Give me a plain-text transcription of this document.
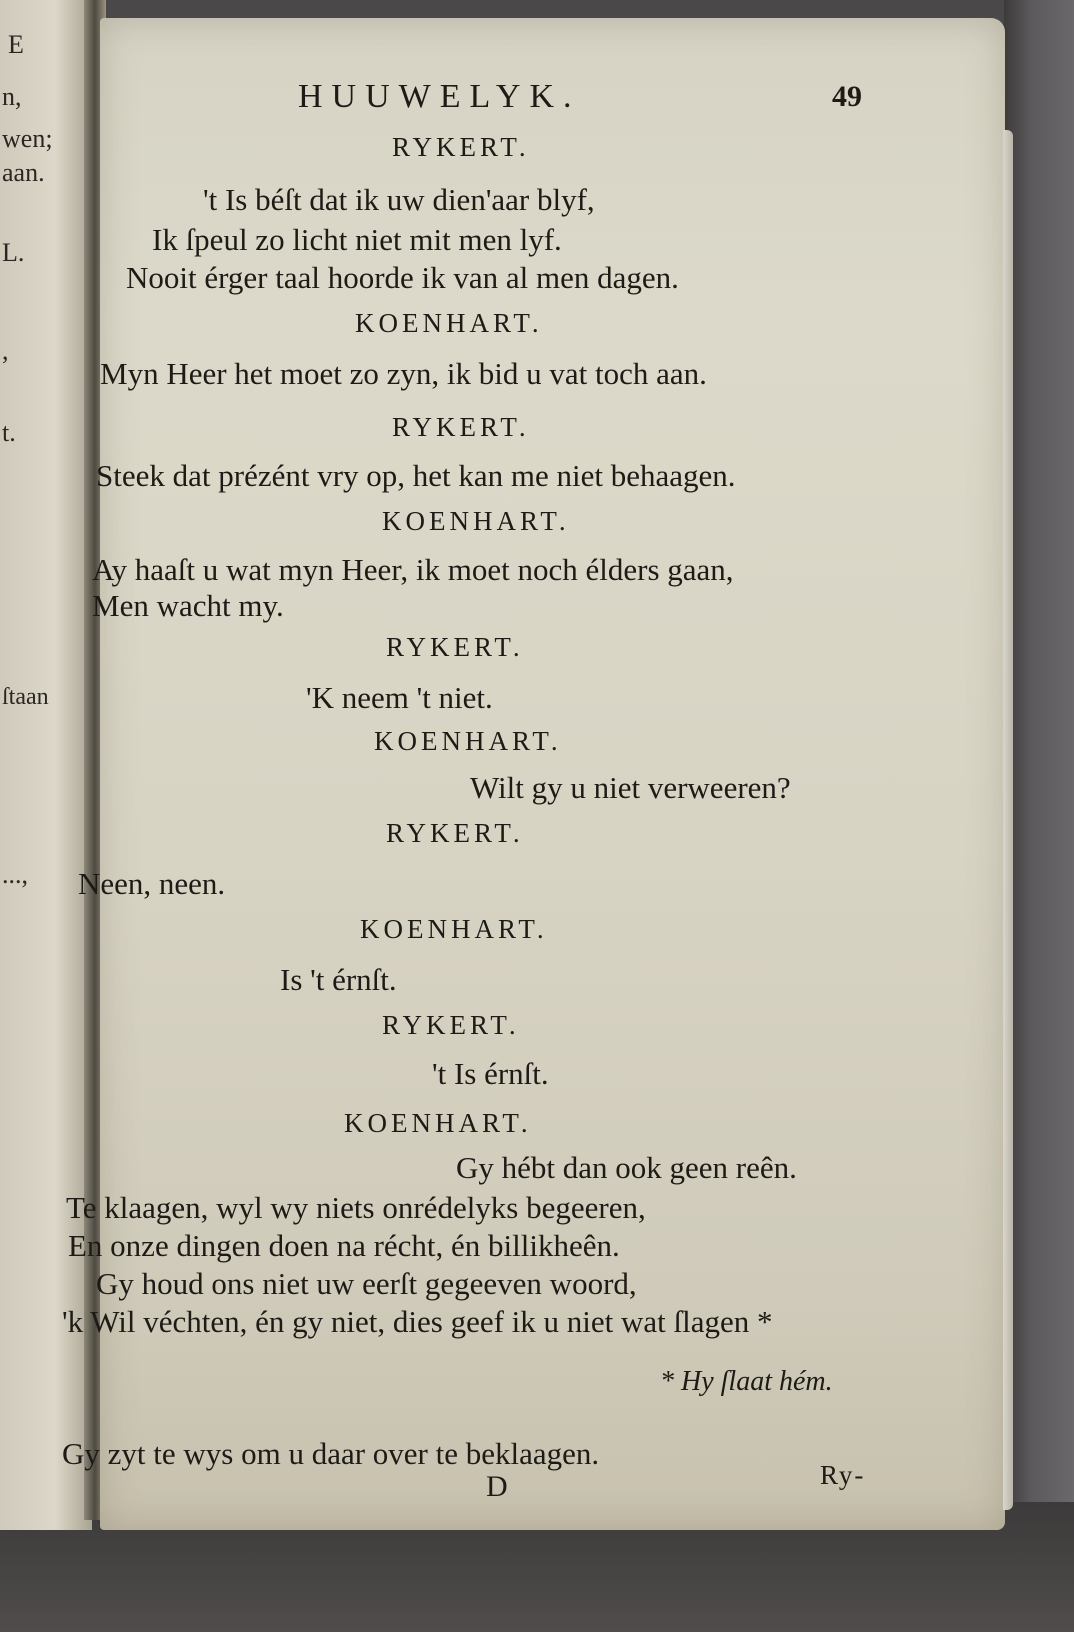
E
n,
wen;
aan.
L.
,
t.
ſtaan
...,
HUUWELYK.	49
RYKERT.
't Is béſt dat ik uw dien'aar blyf,
Ik ſpeul zo licht niet mit men lyf.
Nooit érger taal hoorde ik van al men dagen.
KOENHART.
Myn Heer het moet zo zyn, ik bid u vat toch aan.
RYKERT.
Steek dat prézént vry op, het kan me niet behaagen.
KOENHART.
Ay haaſt u wat myn Heer, ik moet noch élders gaan,
Men wacht my.
RYKERT.
'K neem 't niet.
KOENHART.
Wilt gy u niet verweeren?
RYKERT.
Neen, neen.
KOENHART.
Is 't érnſt.
RYKERT.
't Is érnſt.
KOENHART.
Gy hébt dan ook geen reên.
Te klaagen, wyl wy niets onrédelyks begeeren,
En onze dingen doen na récht, én billikheên.
Gy houd ons niet uw eerſt gegeeven woord,
'k Wil véchten, én gy niet, dies geef ik u niet wat ſlagen *
* Hy ſlaat hém.
Gy zyt te wys om u daar over te beklaagen.
D	Ry-
